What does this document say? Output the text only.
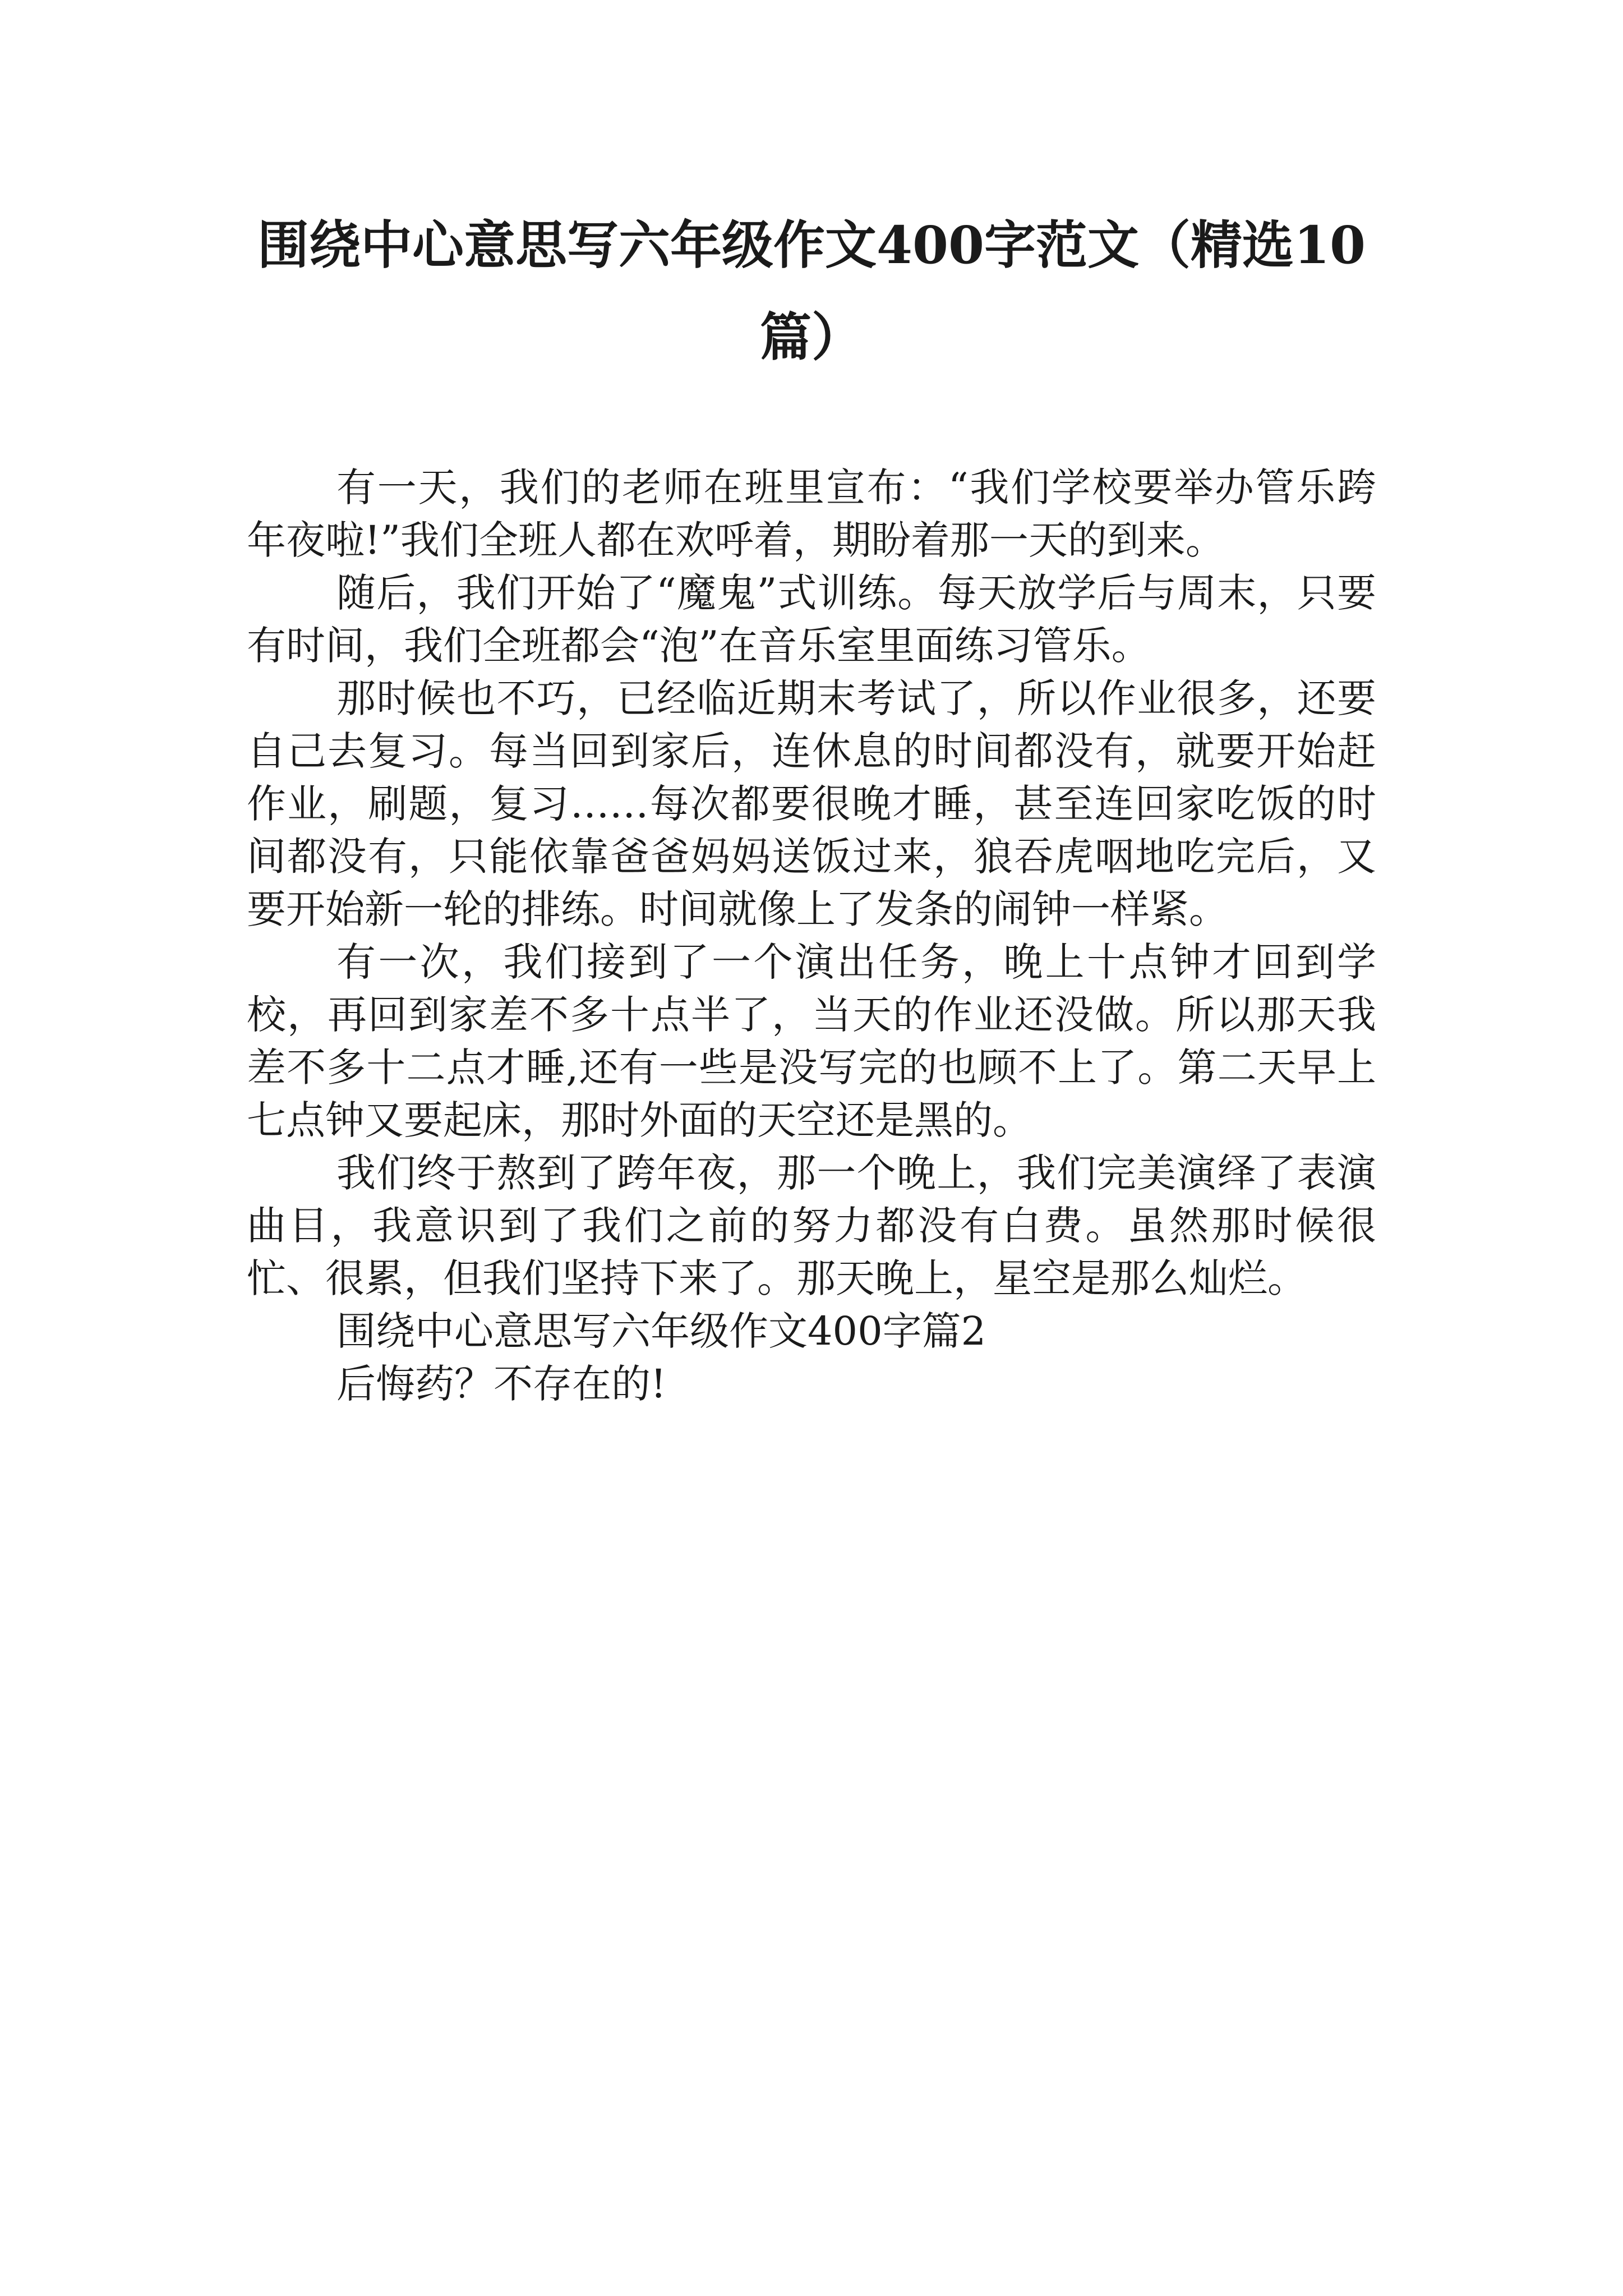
围绕中心意思写六年级作文400字范文（精选10篇）

有一天，我们的老师在班里宣布：“我们学校要举办管乐跨年夜啦!”我们全班人都在欢呼着，期盼着那一天的到来。

随后，我们开始了“魔鬼”式训练。每天放学后与周末，只要有时间，我们全班都会“泡”在音乐室里面练习管乐。

那时候也不巧，已经临近期末考试了，所以作业很多，还要自己去复习。每当回到家后，连休息的时间都没有，就要开始赶作业，刷题，复习……每次都要很晚才睡，甚至连回家吃饭的时间都没有，只能依靠爸爸妈妈送饭过来，狼吞虎咽地吃完后，又要开始新一轮的排练。时间就像上了发条的闹钟一样紧。

有一次，我们接到了一个演出任务，晚上十点钟才回到学校，再回到家差不多十点半了，当天的作业还没做。所以那天我差不多十二点才睡,还有一些是没写完的也顾不上了。第二天早上七点钟又要起床，那时外面的天空还是黑的。

我们终于熬到了跨年夜，那一个晚上，我们完美演绎了表演曲目，我意识到了我们之前的努力都没有白费。虽然那时候很忙、很累，但我们坚持下来了。那天晚上，星空是那么灿烂。

围绕中心意思写六年级作文400字篇2

后悔药？不存在的!
